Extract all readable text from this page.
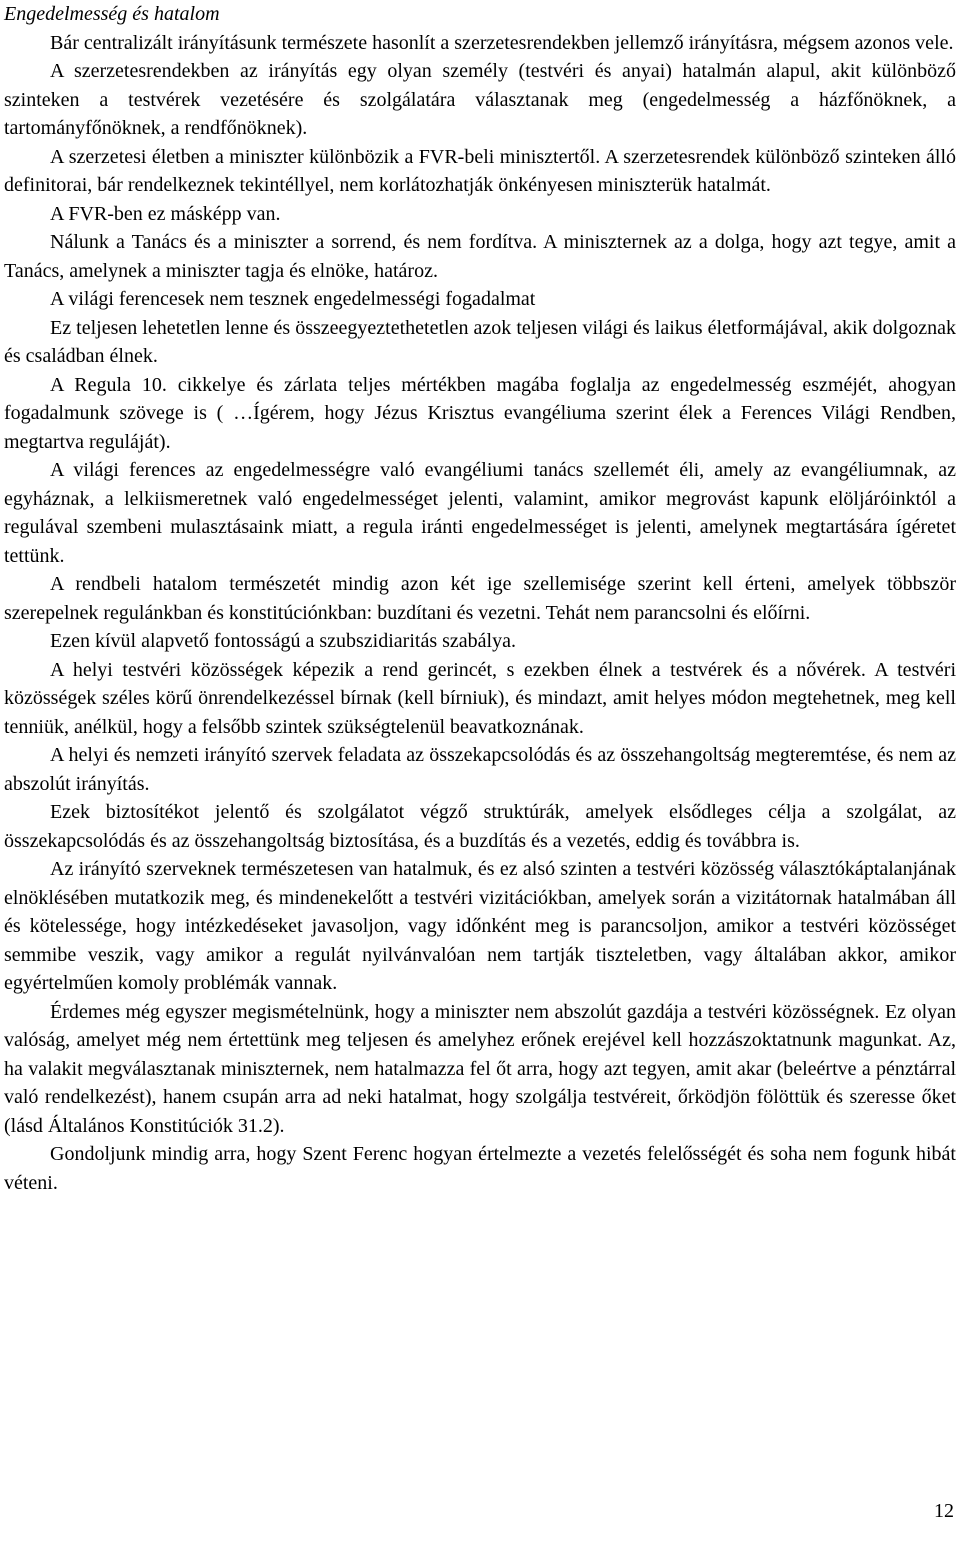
Engedelmesség és hatalom

Bár centralizált irányításunk természete hasonlít a szerzetesrendekben jellemző irányításra, mégsem azonos vele.

A szerzetesrendekben az irányítás egy olyan személy (testvéri és anyai) hatalmán alapul, akit különböző szinteken a testvérek vezetésére és szolgálatára választanak meg (engedelmesség a házfőnöknek, a tartományfőnöknek, a rendfőnöknek).

A szerzetesi életben a miniszter különbözik a FVR-beli minisztertől. A szerzetesrendek különböző szinteken álló definitorai, bár rendelkeznek tekintéllyel, nem korlátozhatják önkényesen miniszterük hatalmát.

A FVR-ben ez másképp van.

Nálunk a Tanács és a miniszter a sorrend, és nem fordítva. A miniszternek az a dolga, hogy azt tegye, amit a Tanács, amelynek a miniszter tagja és elnöke, határoz.

A világi ferencesek nem tesznek engedelmességi fogadalmat

Ez teljesen lehetetlen lenne és összeegyeztethetetlen azok teljesen világi és laikus életformájával, akik dolgoznak és családban élnek.

A Regula 10. cikkelye és zárlata teljes mértékben magába foglalja az engedelmesség eszméjét, ahogyan fogadalmunk szövege is ( …Ígérem, hogy Jézus Krisztus evangéliuma szerint élek a Ferences Világi Rendben, megtartva reguláját).

A világi ferences az engedelmességre való evangéliumi tanács szellemét éli, amely az evangéliumnak, az egyháznak, a lelkiismeretnek való engedelmességet jelenti, valamint, amikor megrovást kapunk elöljáróinktól a regulával szembeni mulasztásaink miatt, a regula iránti engedelmességet is jelenti, amelynek megtartására ígéretet tettünk.

A rendbeli hatalom természetét mindig azon két ige szellemisége szerint kell érteni, amelyek többször szerepelnek regulánkban és konstitúciónkban: buzdítani és vezetni. Tehát nem parancsolni és előírni.

Ezen kívül alapvető fontosságú a szubszidiaritás szabálya.

A helyi testvéri közösségek képezik a rend gerincét, s ezekben élnek a testvérek és a nővérek. A testvéri közösségek széles körű önrendelkezéssel bírnak (kell bírniuk), és mindazt, amit helyes módon megtehetnek, meg kell tenniük, anélkül, hogy a felsőbb szintek szükségtelenül beavatkoznának.

A helyi és nemzeti irányító szervek feladata az összekapcsolódás és az összehangoltság megteremtése, és nem az abszolút irányítás.

Ezek biztosítékot jelentő és szolgálatot végző struktúrák, amelyek elsődleges célja a szolgálat, az összekapcsolódás és az összehangoltság biztosítása, és a buzdítás és a vezetés, eddig és továbbra is.

Az irányító szerveknek természetesen van hatalmuk, és ez alsó szinten a testvéri közösség választókáptalanjának elnöklésében mutatkozik meg, és mindenekelőtt a testvéri vizitációkban, amelyek során a vizitátornak hatalmában áll és kötelessége, hogy intézkedéseket javasoljon, vagy időnként meg is parancsoljon, amikor a testvéri közösséget semmibe veszik, vagy amikor a regulát nyilvánvalóan nem tartják tiszteletben, vagy általában akkor, amikor egyértelműen komoly problémák vannak.

Érdemes még egyszer megismételnünk, hogy a miniszter nem abszolút gazdája a testvéri közösségnek. Ez olyan valóság, amelyet még nem értettünk meg teljesen és amelyhez erőnek erejével kell hozzászoktatnunk magunkat. Az, ha valakit megválasztanak miniszternek, nem hatalmazza fel őt arra, hogy azt tegyen, amit akar (beleértve a pénztárral való rendelkezést), hanem csupán arra ad neki hatalmat, hogy szolgálja testvéreit, őrködjön fölöttük és szeresse őket (lásd Általános Konstitúciók 31.2).

Gondoljunk mindig arra, hogy Szent Ferenc hogyan értelmezte a vezetés felelősségét és soha nem fogunk hibát véteni.

12
